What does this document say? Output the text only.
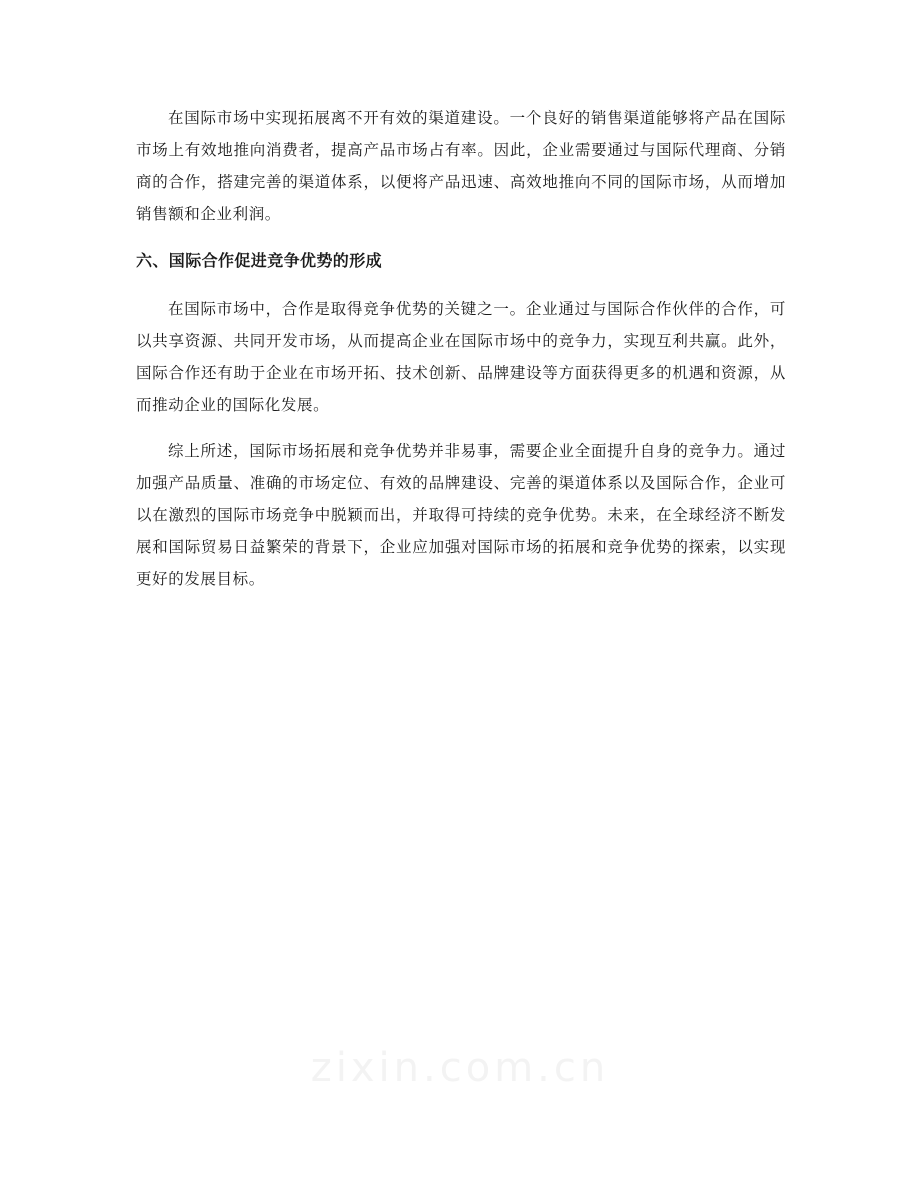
在国际市场中实现拓展离不开有效的渠道建设。一个良好的销售渠道能够将产品在国际市场上有效地推向消费者，提高产品市场占有率。因此，企业需要通过与国际代理商、分销商的合作，搭建完善的渠道体系，以便将产品迅速、高效地推向不同的国际市场，从而增加销售额和企业利润。

六、国际合作促进竞争优势的形成

在国际市场中，合作是取得竞争优势的关键之一。企业通过与国际合作伙伴的合作，可以共享资源、共同开发市场，从而提高企业在国际市场中的竞争力，实现互利共赢。此外，国际合作还有助于企业在市场开拓、技术创新、品牌建设等方面获得更多的机遇和资源，从而推动企业的国际化发展。

综上所述，国际市场拓展和竞争优势并非易事，需要企业全面提升自身的竞争力。通过加强产品质量、准确的市场定位、有效的品牌建设、完善的渠道体系以及国际合作，企业可以在激烈的国际市场竞争中脱颖而出，并取得可持续的竞争优势。未来，在全球经济不断发展和国际贸易日益繁荣的背景下，企业应加强对国际市场的拓展和竞争优势的探索，以实现更好的发展目标。

zixin.com.cn
